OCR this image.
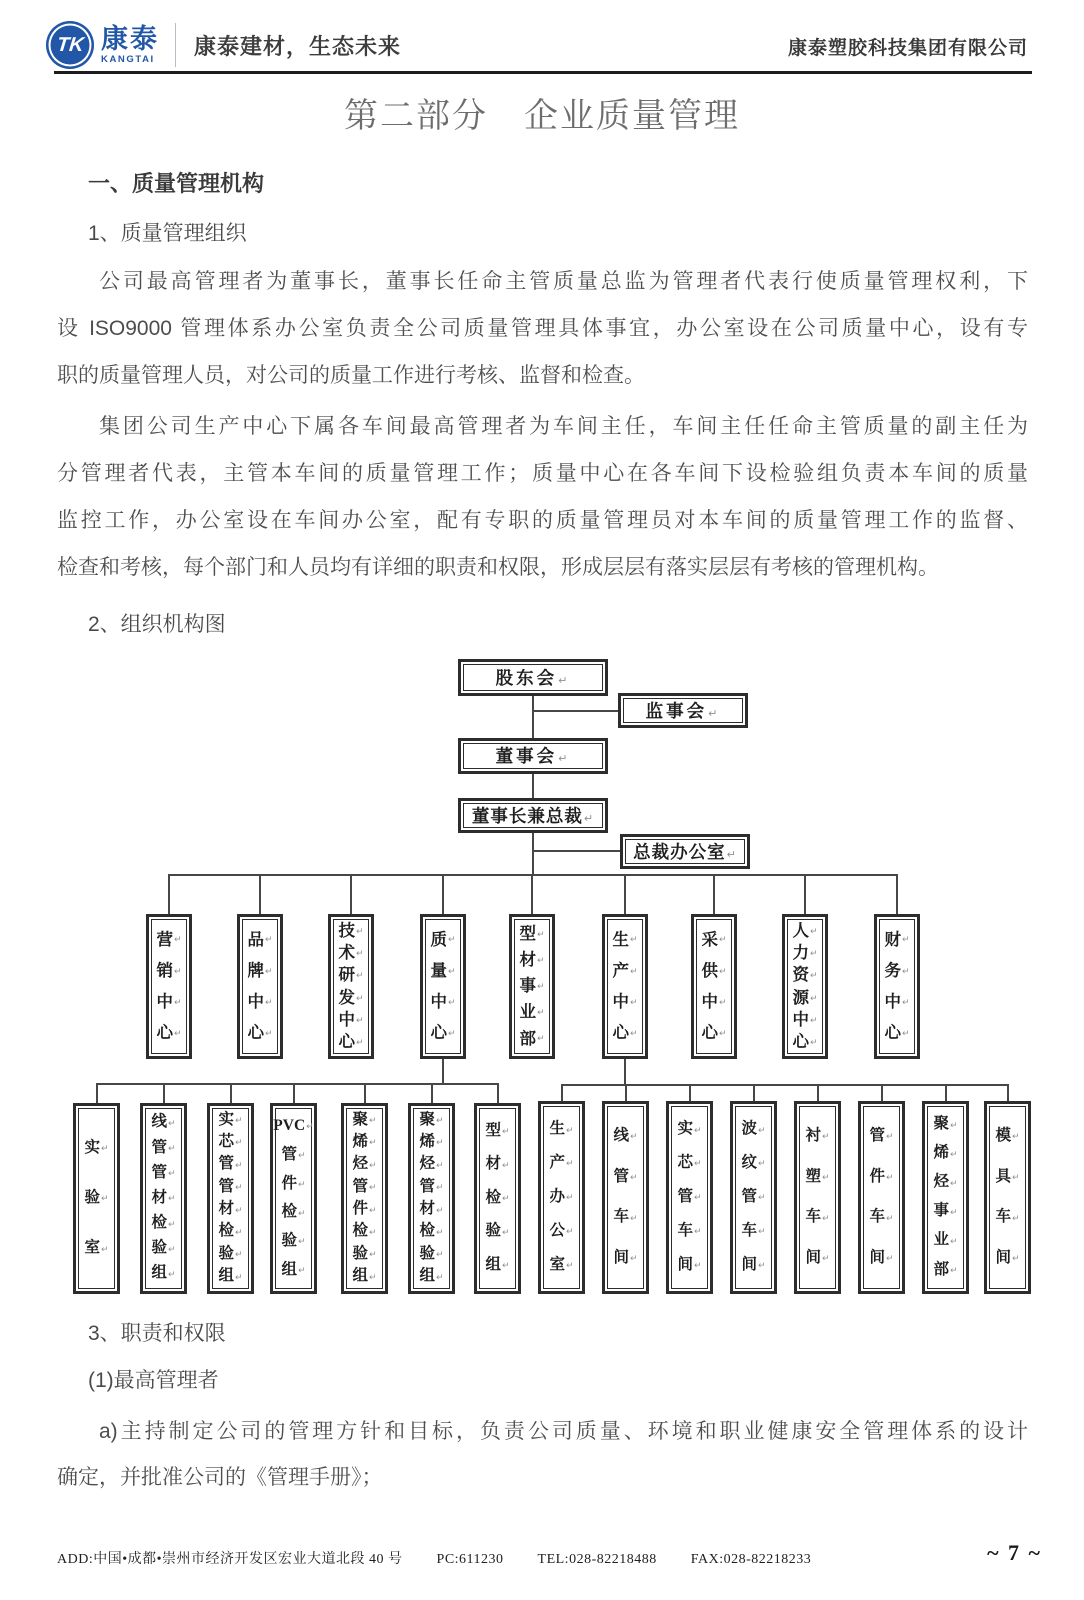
TK 康泰
KANGTAI
康泰建材，生态未来	康泰塑胶科技集团有限公司
第二部分　企业质量管理
一、质量管理机构
1、质量管理组织
公司最高管理者为董事长，董事长任命主管质量总监为管理者代表行使质量管理权利，下
设 ISO9000 管理体系办公室负责全公司质量管理具体事宜，办公室设在公司质量中心，设有专
职的质量管理人员，对公司的质量工作进行考核、监督和检查。
集团公司生产中心下属各车间最高管理者为车间主任，车间主任任命主管质量的副主任为
分管理者代表，主管本车间的质量管理工作；质量中心在各车间下设检验组负责本车间的质量
监控工作，办公室设在车间办公室，配有专职的质量管理员对本车间的质量管理工作的监督、
检查和考核，每个部门和人员均有详细的职责和权限，形成层层有落实层层有考核的管理机构。
2、组织机构图
股东会 ↵
监事会 ↵
董事会 ↵
董事长兼总裁 ↵
总裁办公室 ↵
营 ↵
销 ↵
中 ↵
心 ↵
品 ↵
牌 ↵
中 ↵
心 ↵
技 ↵
术 ↵
研 ↵
发 ↵
中 ↵
心 ↵
质 ↵
量 ↵
中 ↵
心 ↵
型 ↵
材 ↵
事 ↵
业 ↵
部 ↵
生 ↵
产 ↵
中 ↵
心 ↵
采 ↵
供 ↵
中 ↵
心 ↵
人 ↵
力 ↵
资 ↵
源 ↵
中 ↵
心 ↵
财 ↵
务 ↵
中 ↵
心 ↵
实 ↵
验 ↵
室 ↵
线 ↵
管 ↵
管 ↵
材 ↵
检 ↵
验 ↵
组 ↵
实 ↵
芯 ↵
管 ↵
管 ↵
材 ↵
检 ↵
验 ↵
组 ↵
PVC ↵
管 ↵
件 ↵
检 ↵
验 ↵
组 ↵
聚 ↵
烯 ↵
烃 ↵
管 ↵
件 ↵
检 ↵
验 ↵
组 ↵
聚 ↵
烯 ↵
烃 ↵
管 ↵
材 ↵
检 ↵
验 ↵
组 ↵
型 ↵
材 ↵
检 ↵
验 ↵
组 ↵
生 ↵
产 ↵
办 ↵
公 ↵
室 ↵
线 ↵
管 ↵
车 ↵
间 ↵
实 ↵
芯 ↵
管 ↵
车 ↵
间 ↵
波 ↵
纹 ↵
管 ↵
车 ↵
间 ↵
衬 ↵
塑 ↵
车 ↵
间 ↵
管 ↵
件 ↵
车 ↵
间 ↵
聚 ↵
烯 ↵
烃 ↵
事 ↵
业 ↵
部 ↵
模 ↵
具 ↵
车 ↵
间 ↵
3、职责和权限
(1)最高管理者
a)主持制定公司的管理方针和目标，负责公司质量、环境和职业健康安全管理体系的设计
确定，并批准公司的《管理手册》；
ADD:中国•成都•崇州市经济开发区宏业大道北段 40 号 PC:611230 TEL:028-82218488 FAX:028-82218233	~ 7 ~
